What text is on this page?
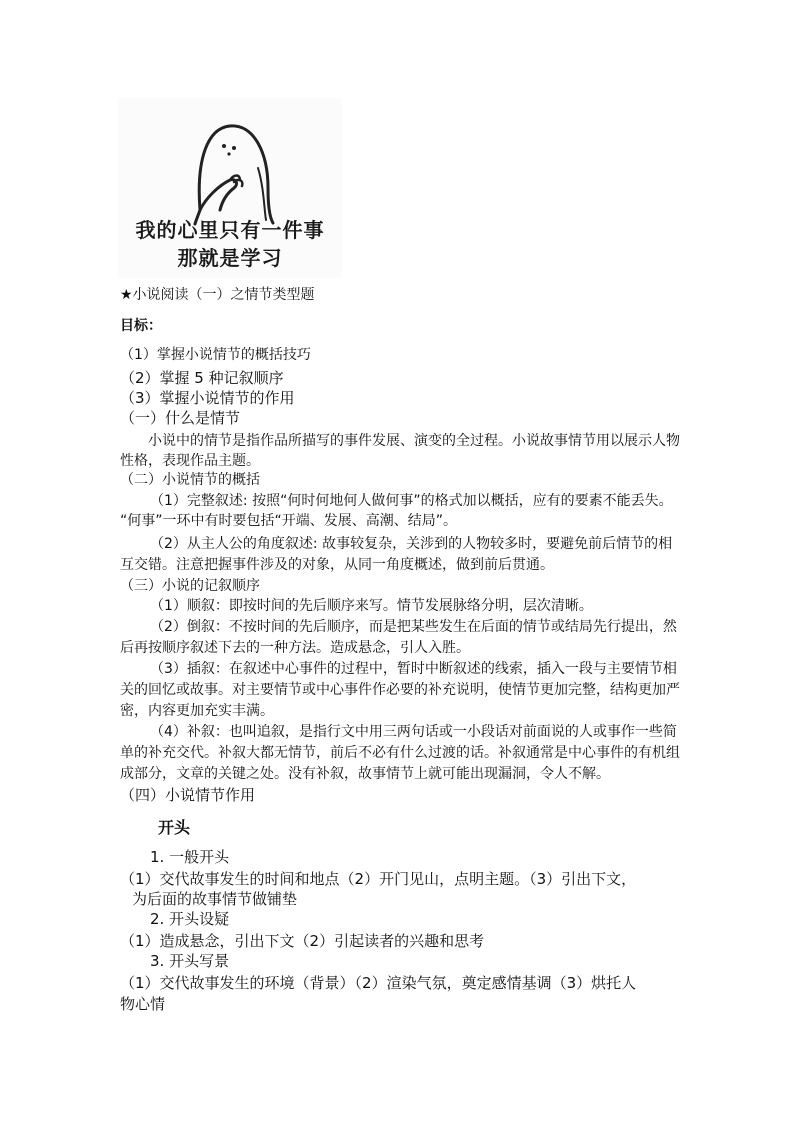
我的心里只有一件事
那就是学习
★小说阅读（一）之情节类型题
目标：
（1）掌握小说情节的概括技巧
（2）掌握 5 种记叙顺序
（3）掌握小说情节的作用
（一）什么是情节
小说中的情节是指作品所描写的事件发展、演变的全过程。小说故事情节用以展示人物
性格，表现作品主题。
（二）小说情节的概括
（1）完整叙述: 按照“何时何地何人做何事”的格式加以概括，应有的要素不能丢失。
“何事”一环中有时要包括“开端、发展、高潮、结局”。
（2）从主人公的角度叙述: 故事较复杂，关涉到的人物较多时，要避免前后情节的相
互交错。注意把握事件涉及的对象，从同一角度概述，做到前后贯通。
（三）小说的记叙顺序
（1）顺叙：即按时间的先后顺序来写。情节发展脉络分明，层次清晰。
（2）倒叙：不按时间的先后顺序，而是把某些发生在后面的情节或结局先行提出，然
后再按顺序叙述下去的一种方法。造成悬念，引人入胜。
（3）插叙：在叙述中心事件的过程中，暂时中断叙述的线索，插入一段与主要情节相
关的回忆或故事。对主要情节或中心事件作必要的补充说明，使情节更加完整，结构更加严
密，内容更加充实丰满。
（4）补叙：也叫追叙，是指行文中用三两句话或一小段话对前面说的人或事作一些简
单的补充交代。补叙大都无情节，前后不必有什么过渡的话。补叙通常是中心事件的有机组
成部分，文章的关键之处。没有补叙，故事情节上就可能出现漏洞，令人不解。
（四）小说情节作用
开头
1. 一般开头
（1）交代故事发生的时间和地点（2）开门见山，点明主题。（3）引出下文，
为后面的故事情节做铺垫
2. 开头设疑
（1）造成悬念，引出下文（2）引起读者的兴趣和思考
3. 开头写景
（1）交代故事发生的环境（背景）（2）渲染气氛，奠定感情基调（3）烘托人
物心情
